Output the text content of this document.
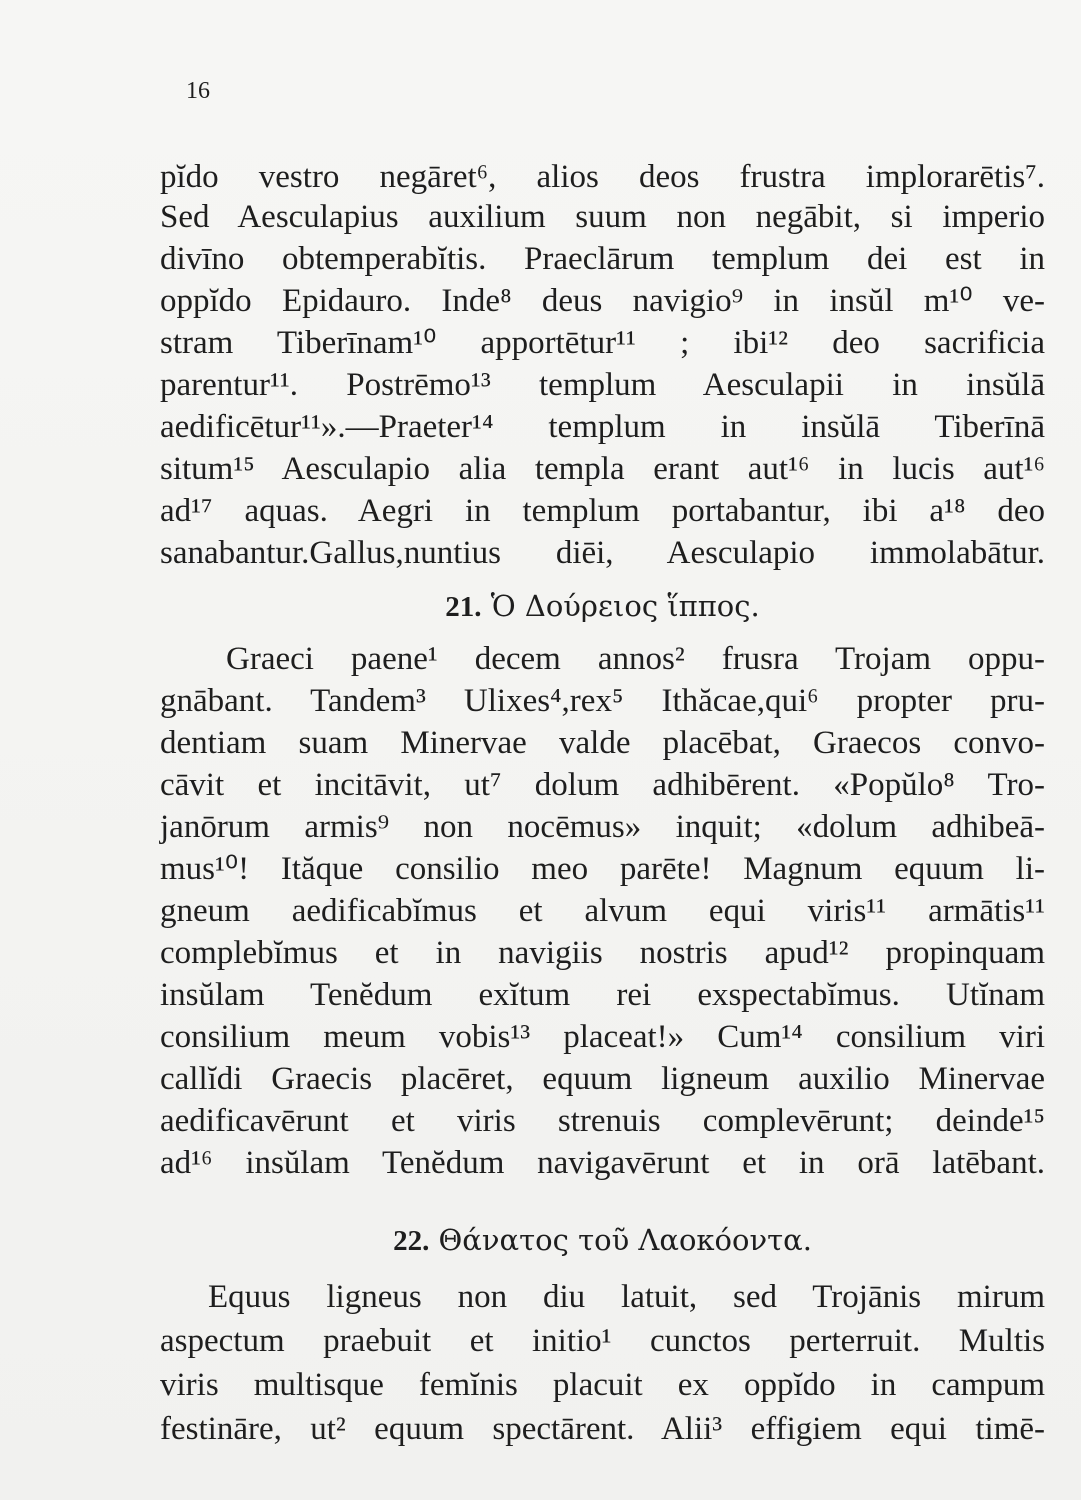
16
pĭdo vestro negāret⁶, alios deos frustra implorarētis⁷.
Sed Aesculapius auxilium suum non negābit, si imperio
divīno obtemperabĭtis. Praeclārum templum dei est in
oppĭdo Epidauro. Inde⁸ deus navigio⁹ in insŭl m¹⁰ ve-
stram Tiberīnam¹⁰ apportētur¹¹ ; ibi¹² deo sacrificia
parentur¹¹. Postrēmo¹³ templum Aesculapii in insŭlā
aedificētur¹¹».—Praeter¹⁴ templum in insŭlā Tiberīnā
situm¹⁵ Aesculapio alia templa erant aut¹⁶ in lucis aut¹⁶
ad¹⁷ aquas. Aegri in templum portabantur, ibi a¹⁸ deo
sanabantur.Gallus,nuntius diēi, Aesculapio immolabātur.
21. Ὁ Δούρειος ἵππος.
Graeci paene¹ decem annos² frusra Trojam oppu-
gnābant. Tandem³ Ulixes⁴,rex⁵ Ithăcae,qui⁶ propter pru-
dentiam suam Minervae valde placēbat, Graecos convo-
cāvit et incitāvit, ut⁷ dolum adhibērent. «Popŭlo⁸ Tro-
janōrum armis⁹ non nocēmus» inquit; «dolum adhibeā-
mus¹⁰! Ităque consilio meo parēte! Magnum equum li-
gneum aedificabĭmus et alvum equi viris¹¹ armātis¹¹
complebĭmus et in navigiis nostris apud¹² propinquam
insŭlam Tenĕdum exĭtum rei exspectabĭmus. Utĭnam
consilium meum vobis¹³ placeat!» Cum¹⁴ consilium viri
callĭdi Graecis placēret, equum ligneum auxilio Minervae
aedificavērunt et viris strenuis complevērunt; deinde¹⁵
ad¹⁶ insŭlam Tenĕdum navigavērunt et in orā latēbant.
22. Θάνατος τοῦ Λαοκόοντα.
Equus ligneus non diu latuit, sed Trojānis mirum
aspectum praebuit et initio¹ cunctos perterruit. Multis
viris multisque femĭnis placuit ex oppĭdo in campum
festināre, ut² equum spectārent. Alii³ effigiem equi timē-
